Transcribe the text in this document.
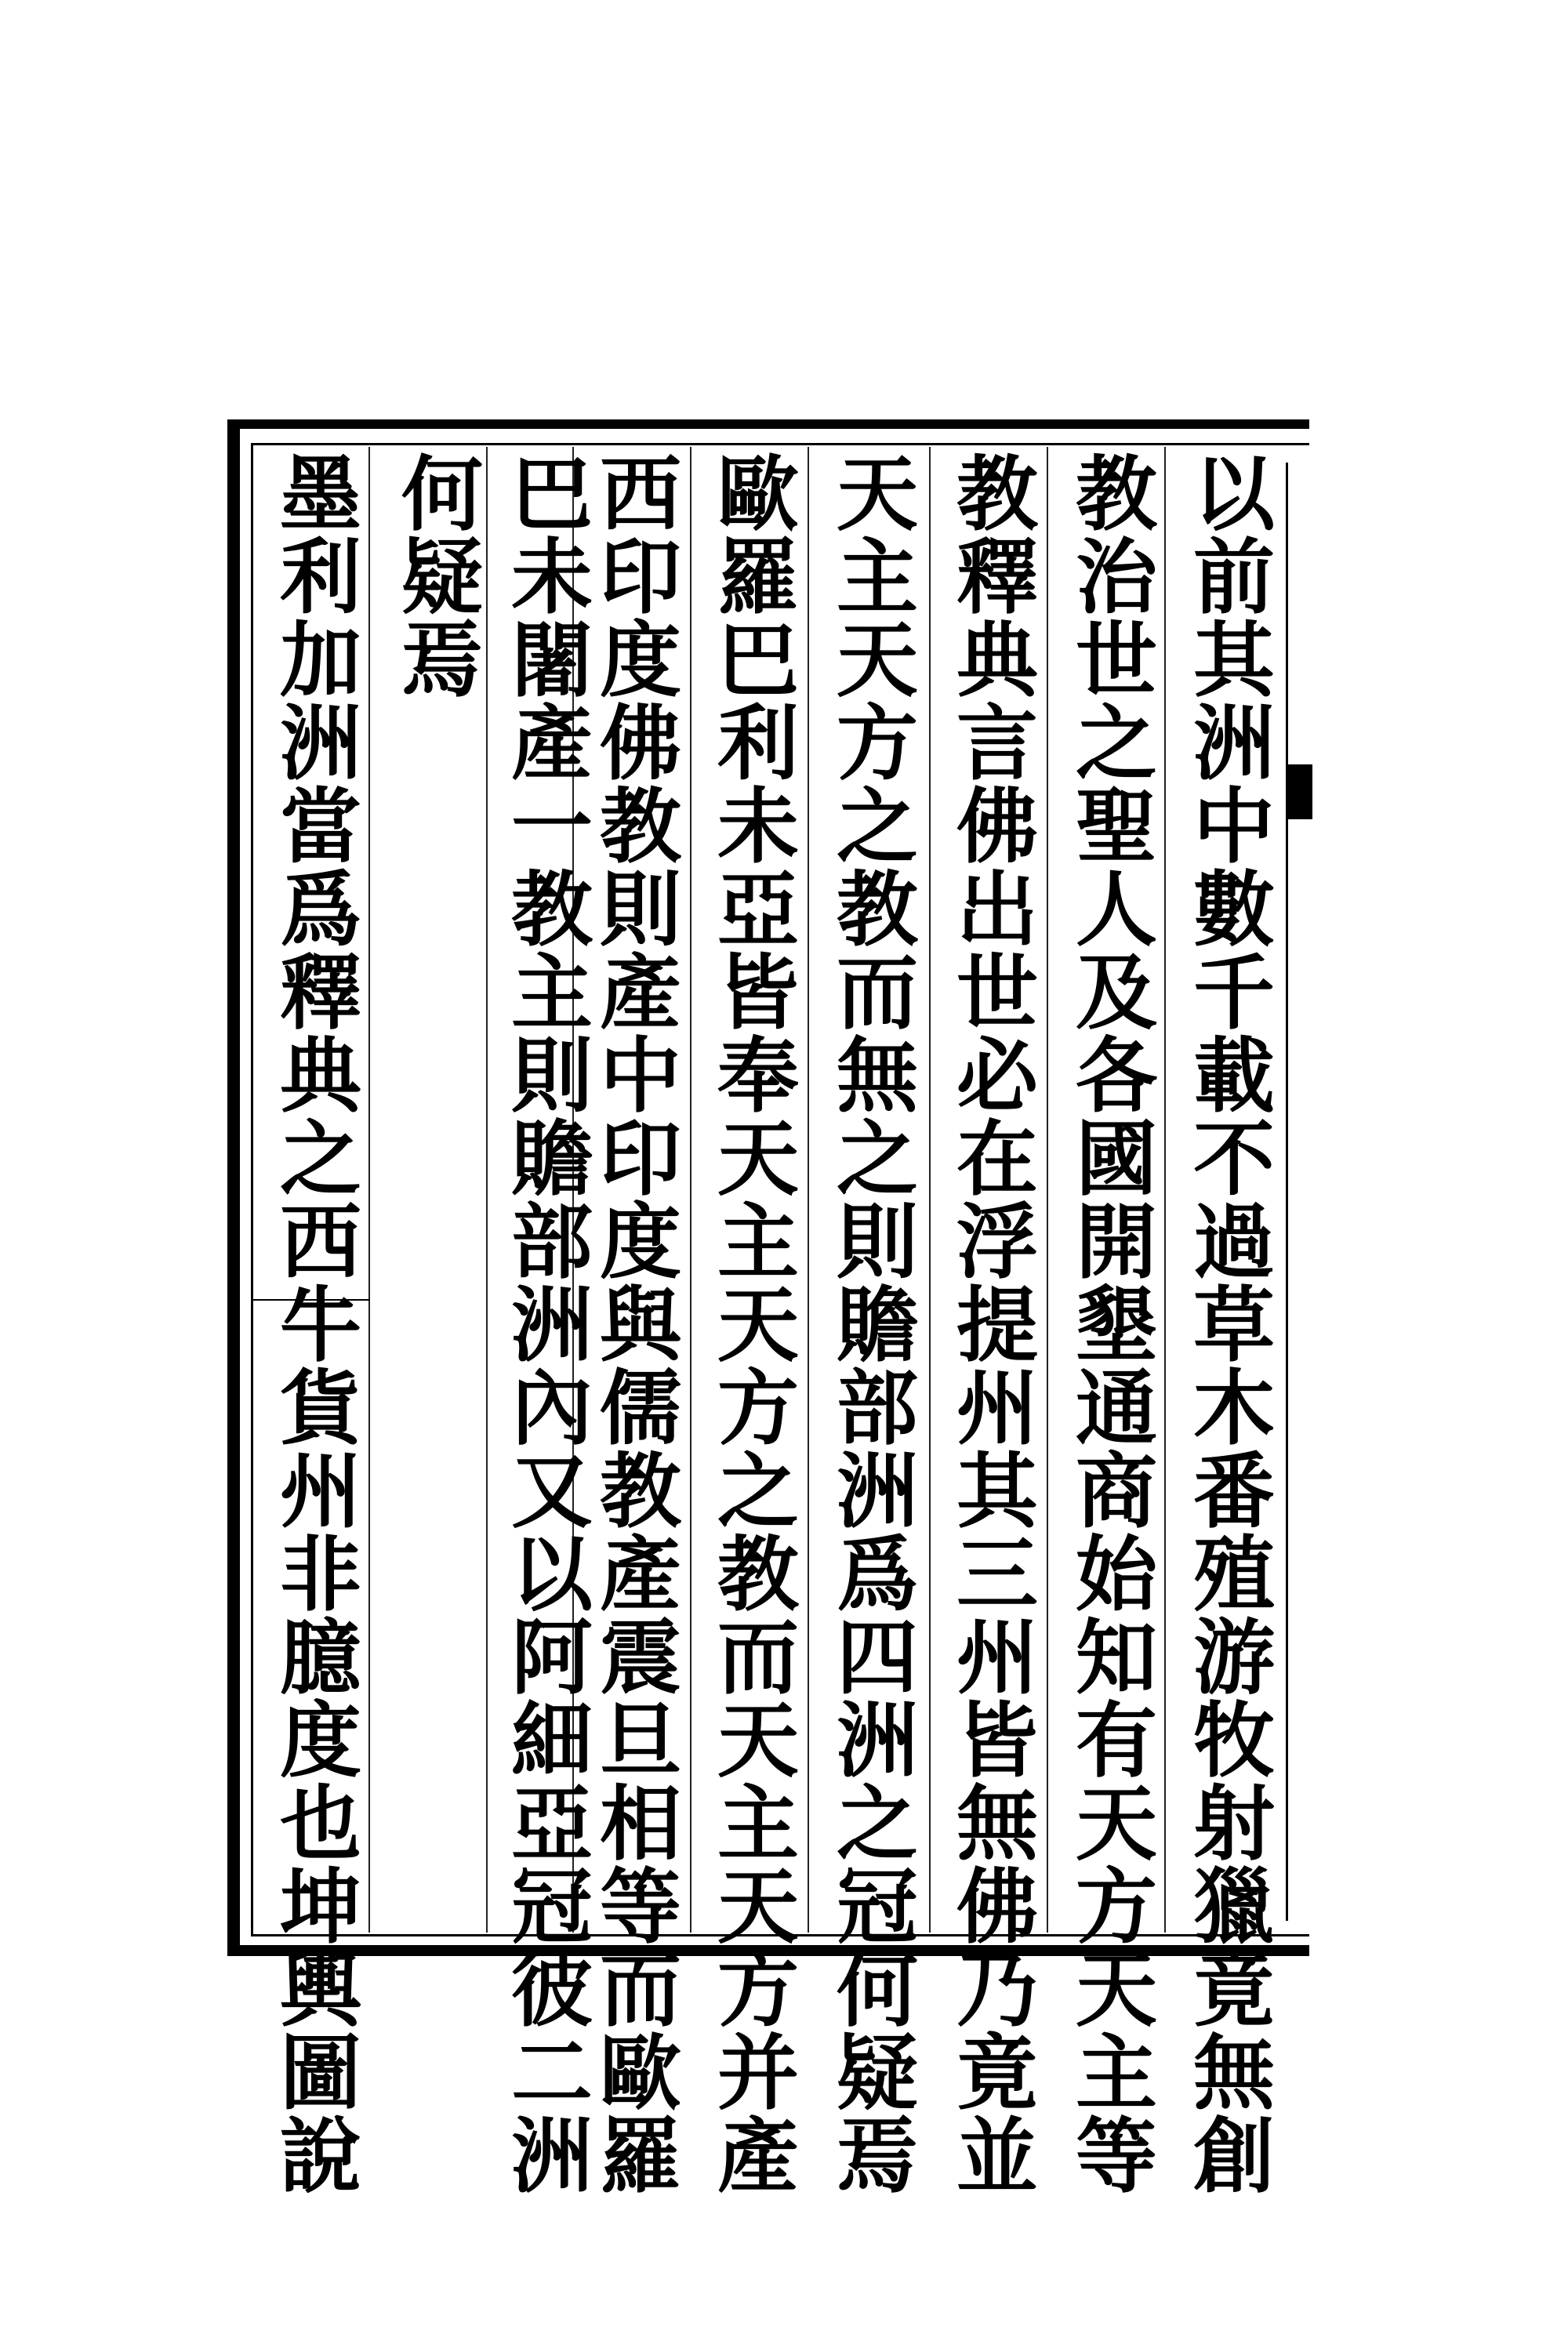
以前其洲中數千載不過草木番殖游牧射獵竟無創
教治世之聖人及各國開墾通商始知有天方天主等
教釋典言佛出世必在浮提州其三州皆無佛乃竟並
天主天方之教而無之則贍部洲爲四洲之冠何疑焉
歐羅巴利未亞皆奉天主天方之教而天主天方并產
西印度佛教則產中印度與儒教產震旦相等而歐羅
巴未闍產一教主則贍部洲內又以阿細亞冠彼二洲
何疑焉
墨利加洲當爲釋典之西牛貨州非臆度也坤輿圖說
